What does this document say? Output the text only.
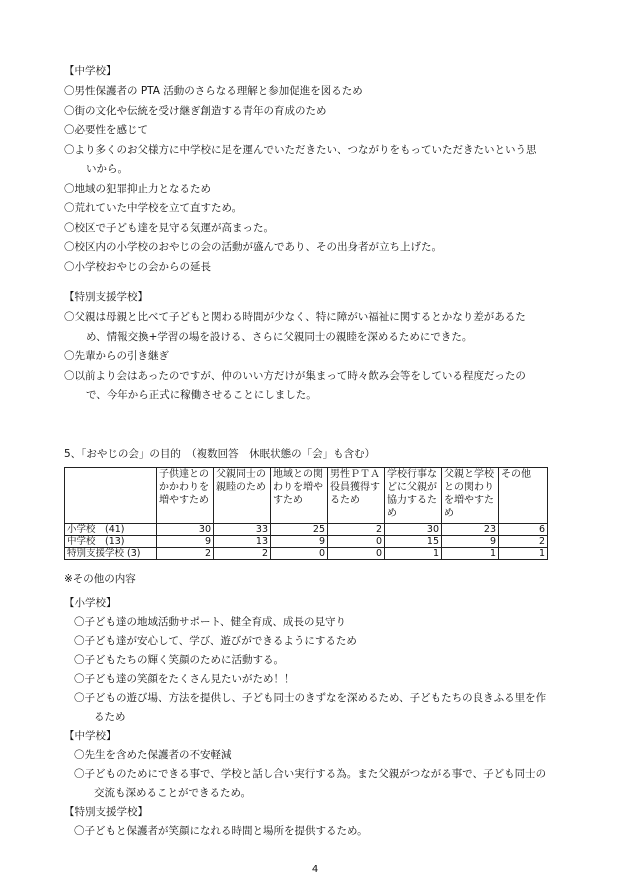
【中学校】

〇男性保護者の PTA 活動のさらなる理解と参加促進を図るため

〇街の文化や伝統を受け継ぎ創造する青年の育成のため

〇必要性を感じて

〇より多くのお父様方に中学校に足を運んでいただきたい、つながりをもっていただきたいという思

いから。

〇地域の犯罪抑止力となるため

〇荒れていた中学校を立て直すため。

〇校区で子ども達を見守る気運が高まった。

〇校区内の小学校のおやじの会の活動が盛んであり、その出身者が立ち上げた。

〇小学校おやじの会からの延長

【特別支援学校】

〇父親は母親と比べて子どもと関わる時間が少なく、特に障がい福祉に関するとかなり差があるた

め、情報交換+学習の場を設ける、さらに父親同士の親睦を深めるためにできた。

〇先輩からの引き継ぎ

〇以前より会はあったのですが、仲のいい方だけが集まって時々飲み会等をしている程度だったの

で、今年から正式に稼働させることにしました。

5、「おやじの会」の目的　（複数回答　休眠状態の「会」も含む）
	子供達とのかかわりを増やすため	父親同士の親睦のため	地域との関わりを増やすため	男性ＰＴＡ役員獲得するため	学校行事などに父親が協力するため	父親と学校との関わりを増やすため	その他
小学校　(41)	30	33	25	2	30	23	6
中学校　(13)	9	13	9	0	15	9	2
特別支援学校 (3)	2	2	0	0	1	1	1

※その他の内容

【小学校】

〇子ども達の地域活動サポート、健全育成、成長の見守り

〇子ども達が安心して、学び、遊びができるようにするため

〇子どもたちの輝く笑顔のために活動する。

〇子ども達の笑顔をたくさん見たいがため！！

〇子どもの遊び場、方法を提供し、子ども同士のきずなを深めるため、子どもたちの良きふる里を作

るため

【中学校】

〇先生を含めた保護者の不安軽減

〇子どものためにできる事で、学校と話し合い実行する為。また父親がつながる事で、子ども同士の

交流も深めることができるため。

【特別支援学校】

〇子どもと保護者が笑顔になれる時間と場所を提供するため。

4
